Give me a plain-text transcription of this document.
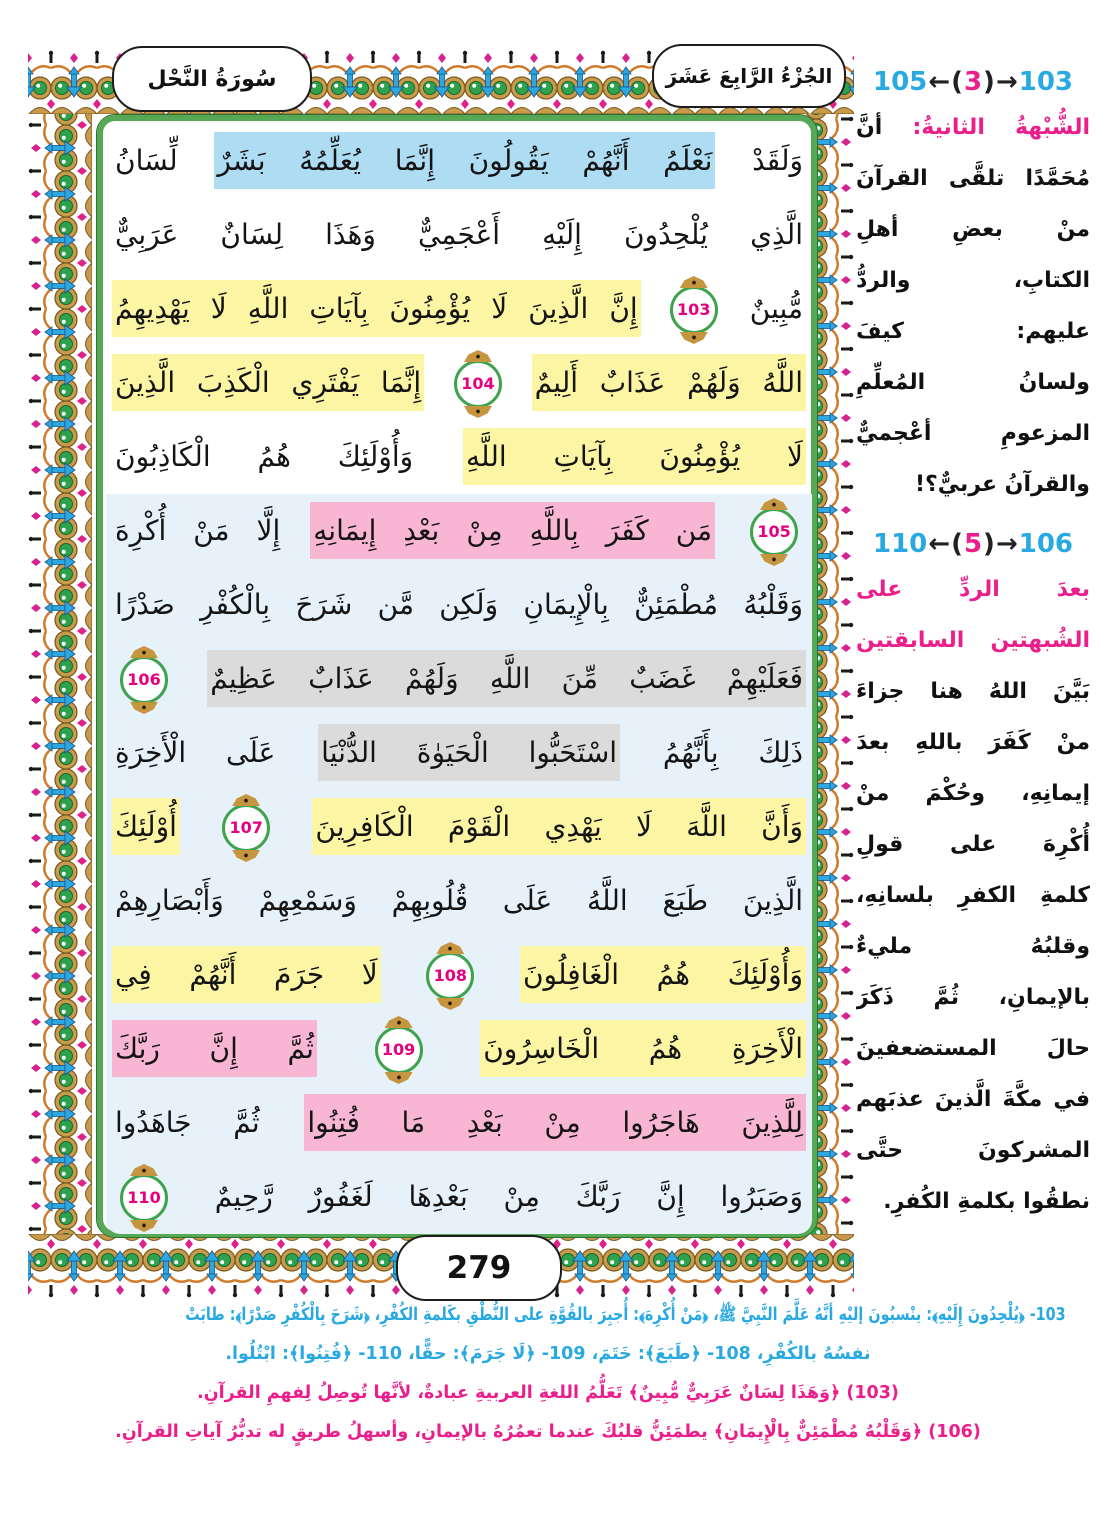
سُورَةُ النَّحْل	الجُزْءُ الرَّابِعَ عَشَرَ
279
وَلَقَدْ نَعْلَمُ أَنَّهُمْ يَقُولُونَ إِنَّمَا يُعَلِّمُهُ بَشَرٌ لِّسَانُ
الَّذِي يُلْحِدُونَ إِلَيْهِ أَعْجَمِيٌّ وَهَذَا لِسَانٌ عَرَبِيٌّ
مُّبِينٌ
103
إِنَّ الَّذِينَ لَا يُؤْمِنُونَ بِآيَاتِ اللَّهِ لَا يَهْدِيهِمُ
اللَّهُ وَلَهُمْ عَذَابٌ أَلِيمٌ
104
إِنَّمَا يَفْتَرِي الْكَذِبَ الَّذِينَ
لَا يُؤْمِنُونَ بِآيَاتِ اللَّهِ وَأُوْلَئِكَ هُمُ الْكَاذِبُونَ
105
مَن كَفَرَ بِاللَّهِ مِنْ بَعْدِ إِيمَانِهِ إِلَّا مَنْ أُكْرِهَ
وَقَلْبُهُ مُطْمَئِنٌّ بِالْإِيمَانِ وَلَكِن مَّن شَرَحَ بِالْكُفْرِ صَدْرًا
فَعَلَيْهِمْ غَضَبٌ مِّنَ اللَّهِ وَلَهُمْ عَذَابٌ عَظِيمٌ
106
ذَلِكَ بِأَنَّهُمُ اسْتَحَبُّوا الْحَيَوٰةَ الدُّنْيَا عَلَى الْأَخِرَةِ
وَأَنَّ اللَّهَ لَا يَهْدِي الْقَوْمَ الْكَافِرِينَ
107
أُوْلَئِكَ
الَّذِينَ طَبَعَ اللَّهُ عَلَى قُلُوبِهِمْ وَسَمْعِهِمْ وَأَبْصَارِهِمْ
وَأُوْلَئِكَ هُمُ الْغَافِلُونَ
108
لَا جَرَمَ أَنَّهُمْ فِي
الْأَخِرَةِ هُمُ الْخَاسِرُونَ
109
ثُمَّ إِنَّ رَبَّكَ
لِلَّذِينَ هَاجَرُوا مِنْ بَعْدِ مَا فُتِنُوا ثُمَّ جَاهَدُوا
وَصَبَرُوا إِنَّ رَبَّكَ مِنْ بَعْدِهَا لَغَفُورٌ رَّحِيمٌ
110
105 ← ( 3 ) → 103
الشُّبْهةُ الثانيةُ: أنَّ
مُحَمَّدًا تلقَّى القرآنَ
منْ بعضِ أهلِ
الكتابِ، والردُّ
عليهم: كيفَ
ولسانُ المُعلِّمِ
المزعومِ أعْجميٌّ
والقرآنُ عربيٌّ؟!
110 ← ( 5 ) → 106
بعدَ الردِّ على
الشُبهتين السابقتين
بَيَّنَ اللهُ هنا جزاءَ
منْ كَفَرَ باللهِ بعدَ
إيمانِهِ، وحُكْمَ منْ
أُكْرِهَ على قولِ
كلمةِ الكفرِ بلسانِهِ،
وقلبُهُ مليءٌ
بالإيمانِ، ثُمَّ ذَكَرَ
حالَ المستضعفينَ
في مكَّةَ الَّذينَ عذبَهم
المشركونَ حتَّى
نطقُوا بكلمةِ الكُفرِ.
103- ﴿يُلْحِدُونَ إِلَيْهِ﴾: ينْسبُونَ إليْهِ أنَّهُ عَلَّمَ النَّبِيَّ ﷺ، ﴿مَنْ أُكْرِهَ﴾: أُجبِرَ بالقُوَّةِ على النُّطْقِ بكَلمةِ الكُفْرِ، ﴿شَرَحَ بِالْكُفْرِ صَدْرًا﴾: طابَتْ
نفسُهُ بالكُفْرِ، 108- ﴿طَبَعَ﴾: خَتَمَ، 109- ﴿لَا جَرَمَ﴾: حقًّا، 110- ﴿فُتِنُوا﴾: ابْتُلُوا.
(103) ﴿وَهَذَا لِسَانٌ عَرَبِيٌّ مُّبِينٌ﴾ تَعَلُّمُ اللغةِ العربيةِ عبادةٌ، لأنَّها تُوصِلُ لِفهمِ القرآنِ.
(106) ﴿وَقَلْبُهُ مُطْمَئِنٌّ بِالْإِيمَانِ﴾ يطمَئِنُّ قلبُكَ عندما تعمُرُهُ بالإيمانِ، وأسهلُ طريقٍ له تدبُّرُ آياتِ القرآنِ.
